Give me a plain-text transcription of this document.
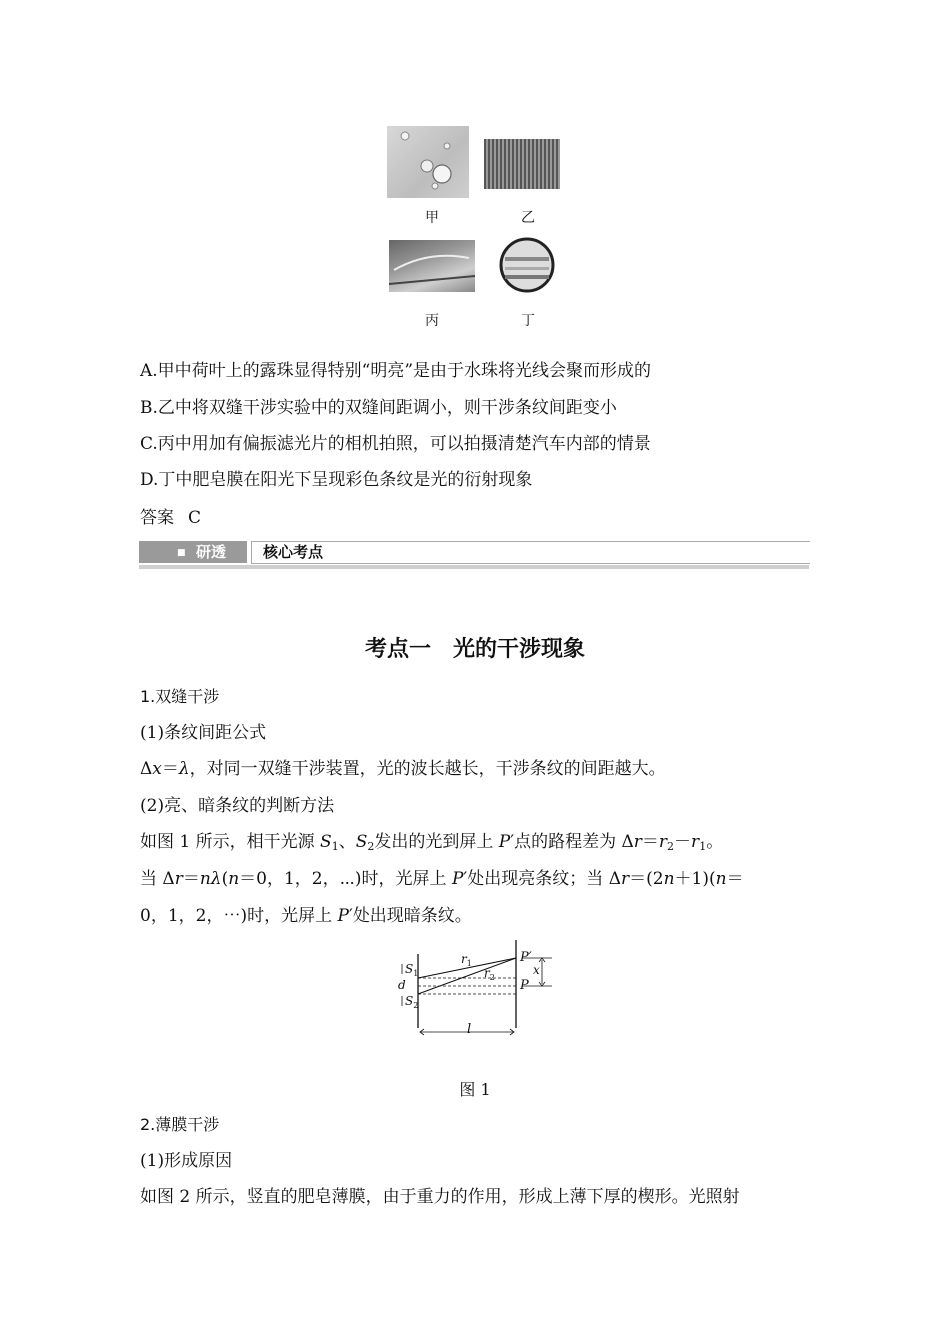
甲	乙
丙	丁
A.甲中荷叶上的露珠显得特别“明亮”是由于水珠将光线会聚而形成的
B.乙中将双缝干涉实验中的双缝间距调小，则干涉条纹间距变小
C.丙中用加有偏振滤光片的相机拍照，可以拍摄清楚汽车内部的情景
D.丁中肥皂膜在阳光下呈现彩色条纹是光的衍射现象
答案 C
■ 研透 核心考点
考点一　光的干涉现象
1.双缝干涉
(1)条纹间距公式
Δx＝λ，对同一双缝干涉装置，光的波长越长，干涉条纹的间距越大。
(2)亮、暗条纹的判断方法
如图 1 所示，相干光源 $S_1$、$S_2$发出的光到屏上 P′点的路程差为 $\Delta r=r_2-r_1$。
当 Δr＝nλ(n＝0，1，2，⋯)时，光屏上 P′处出现亮条纹；当 Δr＝(2n＋1)(n＝
0，1，2，⋯)时，光屏上 P′处出现暗条纹。
$S_1$
d
$S_2$
$r_1$
$r_2$
P′
P
x
l
图 1
2.薄膜干涉
(1)形成原因
如图 2 所示，竖直的肥皂薄膜，由于重力的作用，形成上薄下厚的楔形。光照射
